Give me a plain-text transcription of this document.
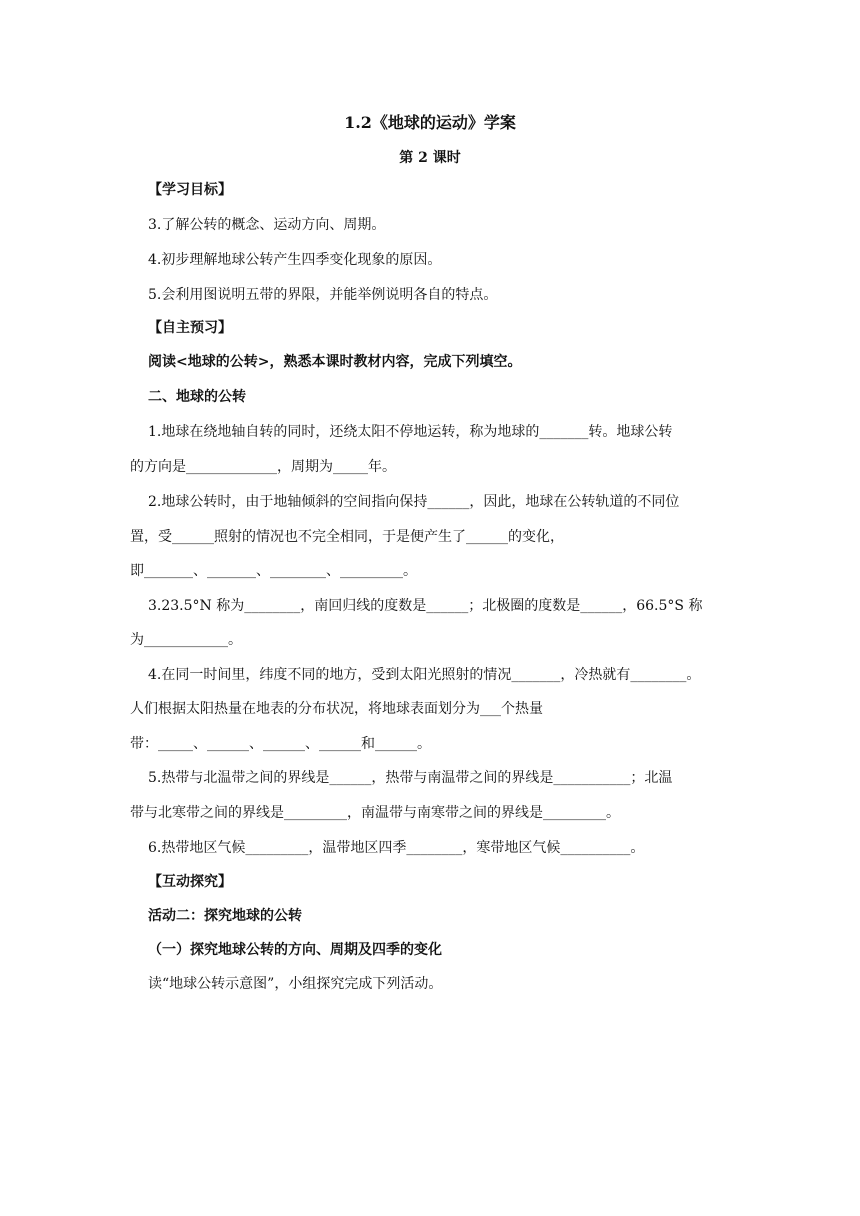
1.2《地球的运动》学案
第 2 课时
【学习目标】
3.了解公转的概念、运动方向、周期。
4.初步理解地球公转产生四季变化现象的原因。
5.会利用图说明五带的界限，并能举例说明各自的特点。
【自主预习】
阅读<地球的公转>，熟悉本课时教材内容，完成下列填空。
二、地球的公转
1.地球在绕地轴自转的同时，还绕太阳不停地运转，称为地球的_______转。地球公转
的方向是_____________，周期为_____年。
2.地球公转时，由于地轴倾斜的空间指向保持______，因此，地球在公转轨道的不同位
置，受______照射的情况也不完全相同，于是便产生了______的变化，
即_______、_______、________、_________。
3.23.5°N 称为________，南回归线的度数是______；北极圈的度数是______，66.5°S 称
为____________。
4.在同一时间里，纬度不同的地方，受到太阳光照射的情况_______，冷热就有________。
人们根据太阳热量在地表的分布状况，将地球表面划分为___个热量
带：_____、______、______、______和______。
5.热带与北温带之间的界线是______，热带与南温带之间的界线是___________；北温
带与北寒带之间的界线是_________，南温带与南寒带之间的界线是_________。
6.热带地区气候_________，温带地区四季________，寒带地区气候__________。
【互动探究】
活动二：探究地球的公转
（一）探究地球公转的方向、周期及四季的变化
读“地球公转示意图”，小组探究完成下列活动。
